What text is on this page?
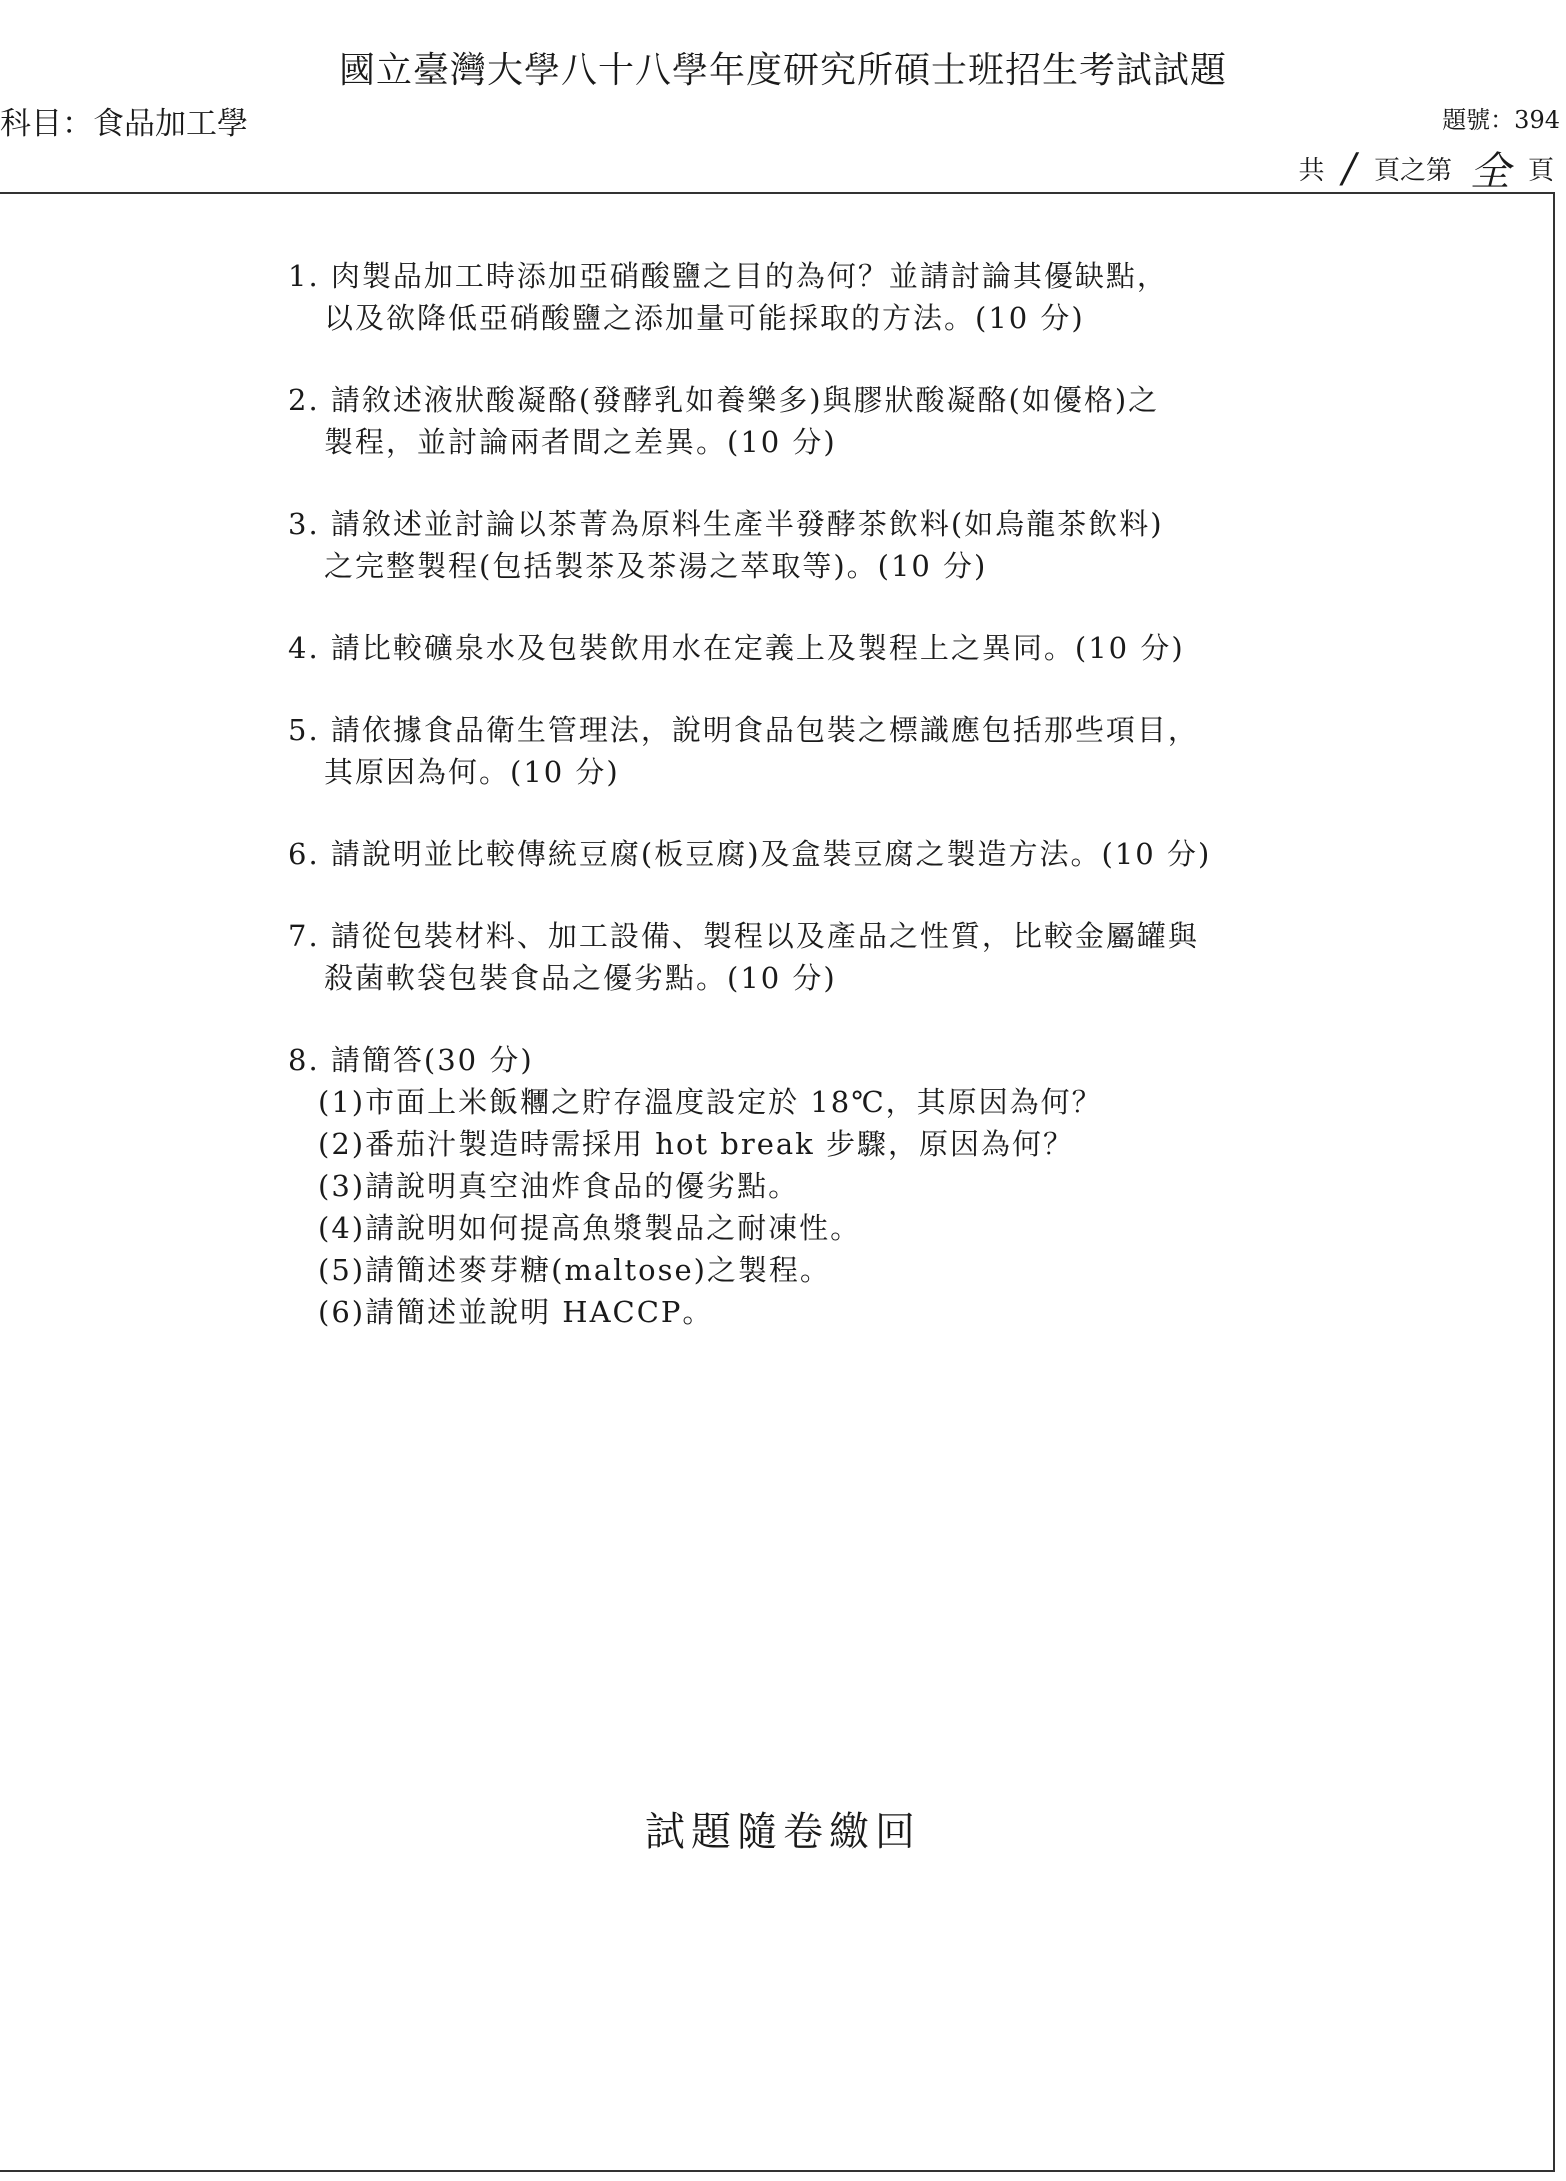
國立臺灣大學八十八學年度研究所碩士班招生考試試題
科目：食品加工學	題號：394
共 / 頁之第 全 頁
1. 肉製品加工時添加亞硝酸鹽之目的為何？並請討論其優缺點，
以及欲降低亞硝酸鹽之添加量可能採取的方法。(10 分)
2. 請敘述液狀酸凝酪(發酵乳如養樂多)與膠狀酸凝酪(如優格)之
製程，並討論兩者間之差異。(10 分)
3. 請敘述並討論以茶菁為原料生產半發酵茶飲料(如烏龍茶飲料)
之完整製程(包括製茶及茶湯之萃取等)。(10 分)
4. 請比較礦泉水及包裝飲用水在定義上及製程上之異同。(10 分)
5. 請依據食品衛生管理法，說明食品包裝之標識應包括那些項目，
其原因為何。(10 分)
6. 請說明並比較傳統豆腐(板豆腐)及盒裝豆腐之製造方法。(10 分)
7. 請從包裝材料、加工設備、製程以及產品之性質，比較金屬罐與
殺菌軟袋包裝食品之優劣點。(10 分)
8. 請簡答(30 分)
(1)市面上米飯糰之貯存溫度設定於 18℃，其原因為何？
(2)番茄汁製造時需採用 hot break 步驟，原因為何？
(3)請說明真空油炸食品的優劣點。
(4)請說明如何提高魚漿製品之耐凍性。
(5)請簡述麥芽糖(maltose)之製程。
(6)請簡述並說明 HACCP。
試題隨卷繳回
